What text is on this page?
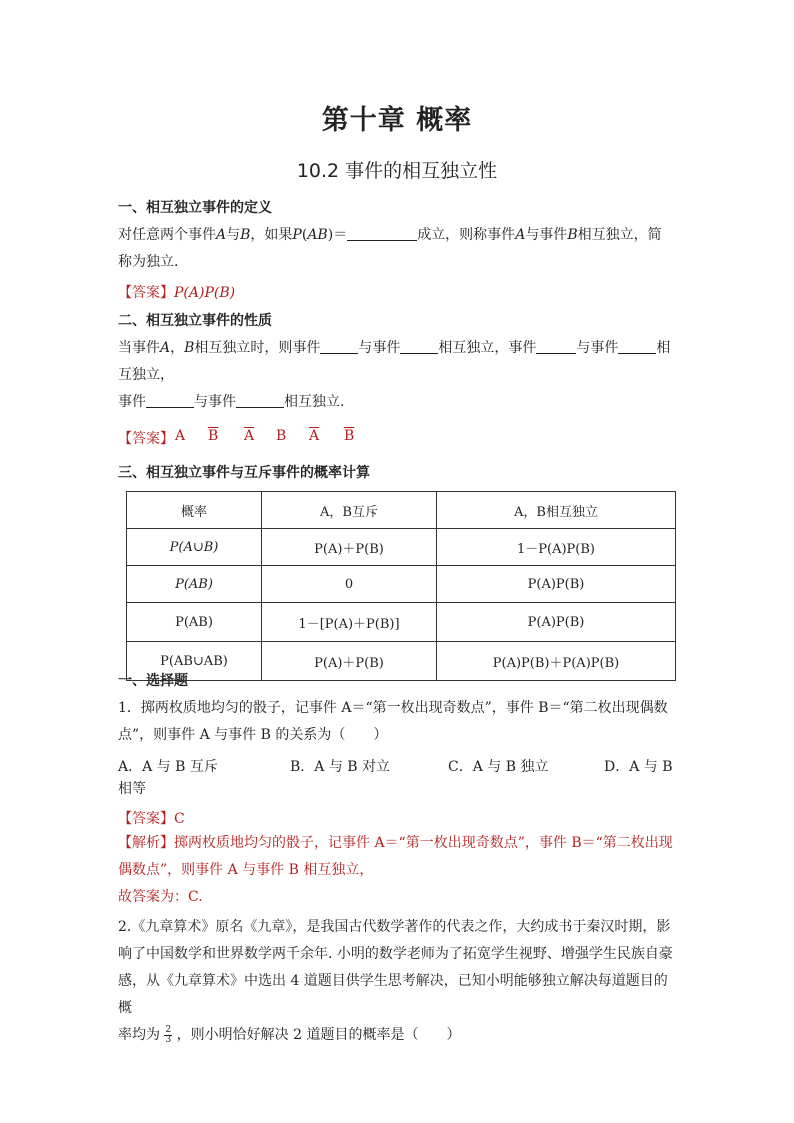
第十章 概率
10.2 事件的相互独立性
一、相互独立事件的定义
对任意两个事件A与B，如果P(AB)＝	成立，则称事件A与事件B相互独立，简
称为独立.
【答案】P(A)P(B)
二、相互独立事件的性质
当事件A，B相互独立时，则事件	与事件	相互独立，事件	与事件	相
互独立，
事件	与事件	相互独立.
【答案】 A $\overline{B}$ $\overline{A}$ B $\overline{A}$ $\overline{B}$
三、相互独立事件与互斥事件的概率计算
概率	A，B互斥	A，B相互独立
P(A∪B)	P(A)＋P(B)	1－P(A)P(B)
P(AB)	0	P(A)P(B)
P(AB)	1－[P(A)＋P(B)]	P(A)P(B)
P(AB∪AB)	P(A)＋P(B)	P(A)P(B)＋P(A)P(B)
一、选择题
1．掷两枚质地均匀的骰子，记事件 A＝“第一枚出现奇数点”，事件 B＝“第二枚出现偶数
点”，则事件 A 与事件 B 的关系为（　　）
A．A 与 B 互斥	B．A 与 B 对立	C．A 与 B 独立	D．A 与 B
相等
【答案】C
【解析】掷两枚质地均匀的骰子，记事件 A＝“第一枚出现奇数点”，事件 B＝“第二枚出现
偶数点”，则事件 A 与事件 B 相互独立，
故答案为：C.
2.《九章算术》原名《九章》，是我国古代数学著作的代表之作，大约成书于秦汉时期，影
响了中国数学和世界数学两千余年. 小明的数学老师为了拓宽学生视野、增强学生民族自豪
感，从《九章算术》中选出 4 道题目供学生思考解决，已知小明能够独立解决每道题目的概
率均为 $\frac{2}{3}$ ，则小明恰好解决 2 道题目的概率是（　　）
